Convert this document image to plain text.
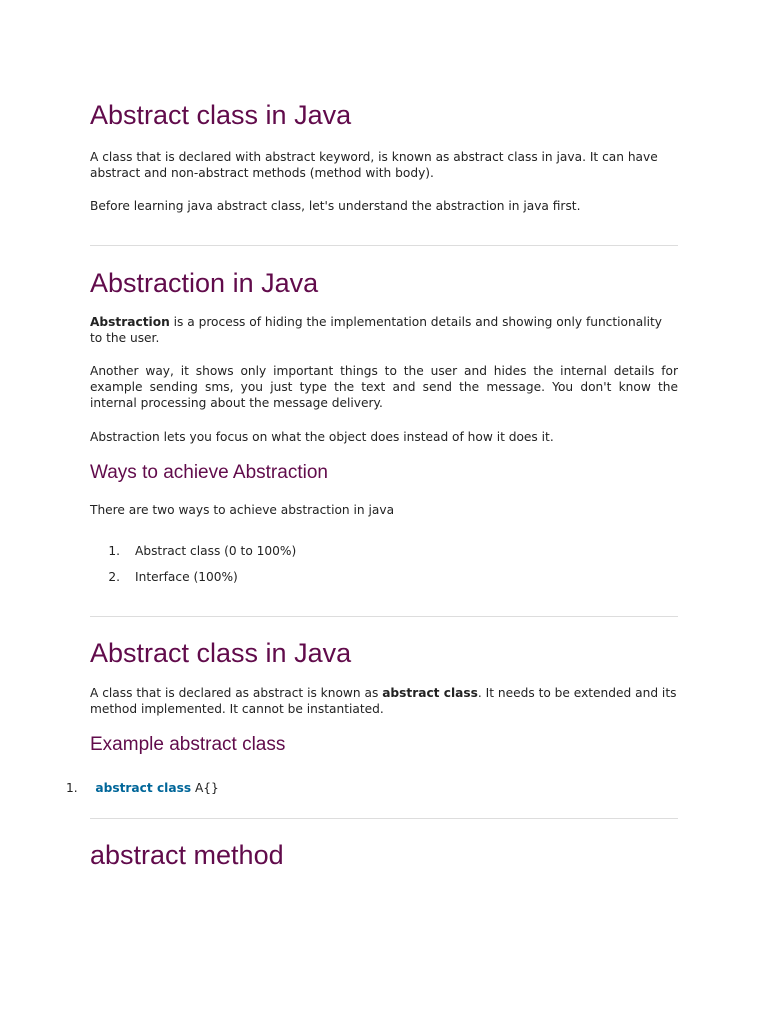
Abstract class in Java

A class that is declared with abstract keyword, is known as abstract class in java. It can have abstract and non-abstract methods (method with body).

Before learning java abstract class, let's understand the abstraction in java first.

Abstraction in Java

Abstraction is a process of hiding the implementation details and showing only functionality to the user.

Another way, it shows only important things to the user and hides the internal details for example sending sms, you just type the text and send the message. You don't know the internal processing about the message delivery.

Abstraction lets you focus on what the object does instead of how it does it.

Ways to achieve Abstraction

There are two ways to achieve abstraction in java

1. Abstract class (0 to 100%)
2. Interface (100%)
Abstract class in Java

A class that is declared as abstract is known as abstract class. It needs to be extended and its method implemented. It cannot be instantiated.

Example abstract class
1. abstract class A{}
abstract method
